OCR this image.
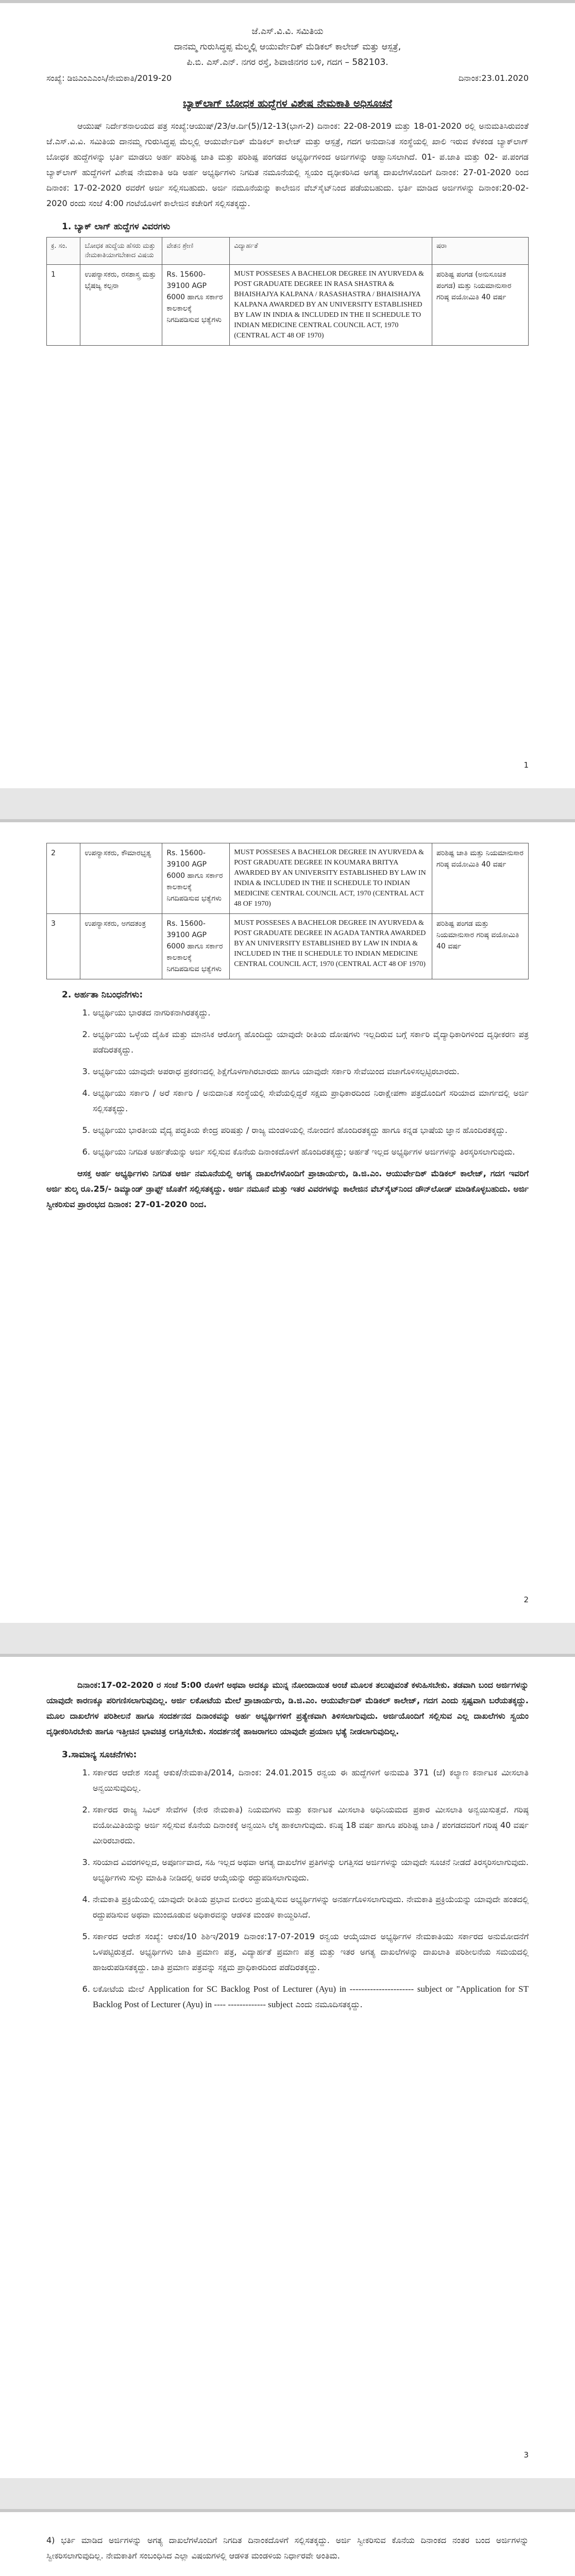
ಜೆ.ಎಸ್.ವಿ.ವಿ. ಸಮಿತಿಯ
ದಾನಮ್ಮ ಗುರುಸಿದ್ಧಪ್ಪ ಮೆಲ್ಮಲ್ಲಿ ಆಯುರ್ವೇದಿಕ್ ಮೆಡಿಕಲ್ ಕಾಲೇಜ್ ಮತ್ತು ಆಸ್ಪತ್ರೆ,
ಪಿ.ಬಿ. ಎಸ್.ಎನ್. ನಗರ ರಸ್ತೆ, ಶಿವಾಜಿನಗರ ಬಳಿ, ಗದಗ – 582103.
ಸಂಖ್ಯೆ: ಡಿಜಿಎಂಎಎಂಸಿ/ನೇಮಕಾತಿ/2019-20	ದಿನಾಂಕ:23.01.2020
ಬ್ಯಾಕ್‌ಲಾಗ್ ಬೋಧಕ ಹುದ್ದೆಗಳ ವಿಶೇಷ ನೇಮಕಾತಿ ಅಧಿಸೂಚನೆ

ಆಯುಷ್ ನಿರ್ದೇಶನಾಲಯದ ಪತ್ರ ಸಂಖ್ಯೆ:ಆಯುಷ್/23/ಆ.ರ್ದಿ(5)/12-13(ಭಾಗ-2) ದಿನಾಂಕ: 22-08-2019 ಮತ್ತು 18-01-2020 ರಲ್ಲಿ ಅನುಮತಿಸಿರುವಂತೆ ಜೆ.ಎಸ್.ವಿ.ವಿ. ಸಮಿತಿಯ ದಾನಮ್ಮ ಗುರುಸಿದ್ಧಪ್ಪ ಮೆಲ್ಮಲ್ಲಿ ಆಯುರ್ವೇದಿಕ್ ಮೆಡಿಕಲ್ ಕಾಲೇಜ್ ಮತ್ತು ಆಸ್ಪತ್ರೆ, ಗದಗ ಅನುದಾನಿತ ಸಂಸ್ಥೆಯಲ್ಲಿ ಖಾಲಿ ಇರುವ ಕೆಳಕಂಡ ಬ್ಯಾಕ್‌ಲಾಗ್ ಬೋಧಕ ಹುದ್ದೆಗಳನ್ನು ಭರ್ತಿ ಮಾಡಲು ಅರ್ಹ ಪರಿಶಿಷ್ಟ ಜಾತಿ ಮತ್ತು ಪರಿಶಿಷ್ಟ ಪಂಗಡದ ಅಭ್ಯರ್ಥಿಗಳಿಂದ ಅರ್ಜಿಗಳನ್ನು ಆಹ್ವಾನಿಸಲಾಗಿದೆ. 01- ಪ.ಜಾತಿ ಮತ್ತು 02- ಪ.ಪಂಗಡ ಬ್ಯಾಕ್‌ಲಾಗ್ ಹುದ್ದೆಗಳಿಗೆ ವಿಶೇಷ ನೇಮಕಾತಿ ಅಡಿ ಅರ್ಹ ಅಭ್ಯರ್ಥಿಗಳು ನಿಗದಿತ ನಮೂನೆಯಲ್ಲಿ ಸ್ವಯಂ ದೃಢೀಕರಿಸಿದ ಅಗತ್ಯ ದಾಖಲೆಗಳೊಂದಿಗೆ ದಿನಾಂಕ: 27-01-2020 ರಿಂದ ದಿನಾಂಕ: 17-02-2020 ರವರೆಗೆ ಅರ್ಜಿ ಸಲ್ಲಿಸಬಹುದು. ಅರ್ಜಿ ನಮೂನೆಯನ್ನು ಕಾಲೇಜಿನ ವೆಬ್‌ಸೈಟ್‌ನಿಂದ ಪಡೆಯಬಹುದು. ಭರ್ತಿ ಮಾಡಿದ ಅರ್ಜಿಗಳನ್ನು ದಿನಾಂಕ:20-02-2020 ರಂದು ಸಂಜೆ 4:00 ಗಂಟೆಯೊಳಗೆ ಕಾಲೇಜಿನ ಕಚೇರಿಗೆ ಸಲ್ಲಿಸತಕ್ಕದ್ದು.

1. ಬ್ಯಾಕ್ ಲಾಗ್ ಹುದ್ದೆಗಳ ವಿವರಗಳು
ಕ್ರ. ಸಂ.	ಬೋಧಕ ಹುದ್ದೆಯ ಹೆಸರು ಮತ್ತು ನೇಮಕಾತಿಯಾಗಬೇಕಾದ ವಿಷಯ	ವೇತನ ಶ್ರೇಣಿ	ವಿದ್ಯಾರ್ಹತೆ	ಷರಾ
1	ಉಪನ್ಯಾಸಕರು, ರಸಶಾಸ್ತ್ರ ಮತ್ತು ಭೈಷಜ್ಯ ಕಲ್ಪನಾ	Rs. 15600-39100 AGP 6000 ಹಾಗೂ ಸರ್ಕಾರ ಕಾಲಕಾಲಕ್ಕೆ ನಿಗದಿಪಡಿಸುವ ಭತ್ಯೆಗಳು	MUST POSSESES A BACHELOR DEGREE IN AYURVEDA & POST GRADUATE DEGREE IN RASA SHASTRA & BHAISHAJYA KALPANA / RASASHASTRA / BHAISHAJYA KALPANA AWARDED BY AN UNIVERSITY ESTABLISHED BY LAW IN INDIA & INCLUDED IN THE II SCHEDULE TO INDIAN MEDICINE CENTRAL COUNCIL ACT, 1970 (CENTRAL ACT 48 OF 1970)	ಪರಿಶಿಷ್ಟ ಪಂಗಡ (ಅನುಸೂಚಿತ ಪಂಗಡ) ಮತ್ತು ನಿಯಮಾನುಸಾರ ಗರಿಷ್ಠ ವಯೋಮಿತಿ 40 ವರ್ಷ
1
2	ಉಪನ್ಯಾಸಕರು, ಕೌಮಾರಭೃತ್ಯ	Rs. 15600-39100 AGP 6000 ಹಾಗೂ ಸರ್ಕಾರ ಕಾಲಕಾಲಕ್ಕೆ ನಿಗದಿಪಡಿಸುವ ಭತ್ಯೆಗಳು	MUST POSSESES A BACHELOR DEGREE IN AYURVEDA & POST GRADUATE DEGREE IN KOUMARA BRITYA AWARDED BY AN UNIVERSITY ESTABLISHED BY LAW IN INDIA & INCLUDED IN THE II SCHEDULE TO INDIAN MEDICINE CENTRAL COUNCIL ACT, 1970 (CENTRAL ACT 48 OF 1970)	ಪರಿಶಿಷ್ಟ ಜಾತಿ ಮತ್ತು ನಿಯಮಾನುಸಾರ ಗರಿಷ್ಠ ವಯೋಮಿತಿ 40 ವರ್ಷ
3	ಉಪನ್ಯಾಸಕರು, ಅಗದತಂತ್ರ	Rs. 15600-39100 AGP 6000 ಹಾಗೂ ಸರ್ಕಾರ ಕಾಲಕಾಲಕ್ಕೆ ನಿಗದಿಪಡಿಸುವ ಭತ್ಯೆಗಳು	MUST POSSESES A BACHELOR DEGREE IN AYURVEDA & POST GRADUATE DEGREE IN AGADA TANTRA AWARDED BY AN UNIVERSITY ESTABLISHED BY LAW IN INDIA & INCLUDED IN THE II SCHEDULE TO INDIAN MEDICINE CENTRAL COUNCIL ACT, 1970 (CENTRAL ACT 48 OF 1970)	ಪರಿಶಿಷ್ಟ ಪಂಗಡ ಮತ್ತು ನಿಯಮಾನುಸಾರ ಗರಿಷ್ಠ ವಯೋಮಿತಿ 40 ವರ್ಷ
2. ಅರ್ಹತಾ ನಿಬಂಧನೆಗಳು:
1. ಅಭ್ಯರ್ಥಿಯು ಭಾರತದ ನಾಗರಿಕನಾಗಿರತಕ್ಕದ್ದು.
2. ಅಭ್ಯರ್ಥಿಯು ಒಳ್ಳೆಯ ದೈಹಿಕ ಮತ್ತು ಮಾನಸಿಕ ಆರೋಗ್ಯ ಹೊಂದಿದ್ದು ಯಾವುದೇ ರೀತಿಯ ದೋಷಗಳು ಇಲ್ಲದಿರುವ ಬಗ್ಗೆ ಸರ್ಕಾರಿ ವೈದ್ಯಾಧಿಕಾರಿಗಳಿಂದ ದೃಢೀಕರಣ ಪತ್ರ ಪಡೆದಿರತಕ್ಕದ್ದು.
3. ಅಭ್ಯರ್ಥಿಯು ಯಾವುದೇ ಅಪರಾಧ ಪ್ರಕರಣದಲ್ಲಿ ಶಿಕ್ಷೆಗೊಳಗಾಗಿರಬಾರದು ಹಾಗೂ ಯಾವುದೇ ಸರ್ಕಾರಿ ಸೇವೆಯಿಂದ ವಜಾಗೊಳಿಸಲ್ಪಟ್ಟಿರಬಾರದು.
4. ಅಭ್ಯರ್ಥಿಯು ಸರ್ಕಾರಿ / ಅರೆ ಸರ್ಕಾರಿ / ಅನುದಾನಿತ ಸಂಸ್ಥೆಯಲ್ಲಿ ಸೇವೆಯಲ್ಲಿದ್ದರೆ ಸಕ್ಷಮ ಪ್ರಾಧಿಕಾರದಿಂದ ನಿರಾಕ್ಷೇಪಣಾ ಪತ್ರದೊಂದಿಗೆ ಸರಿಯಾದ ಮಾರ್ಗದಲ್ಲಿ ಅರ್ಜಿ ಸಲ್ಲಿಸತಕ್ಕದ್ದು.
5. ಅಭ್ಯರ್ಥಿಯು ಭಾರತೀಯ ವೈದ್ಯ ಪದ್ಧತಿಯ ಕೇಂದ್ರ ಪರಿಷತ್ತು / ರಾಜ್ಯ ಮಂಡಳಿಯಲ್ಲಿ ನೋಂದಣಿ ಹೊಂದಿರತಕ್ಕದ್ದು ಹಾಗೂ ಕನ್ನಡ ಭಾಷೆಯ ಜ್ಞಾನ ಹೊಂದಿರತಕ್ಕದ್ದು.
6. ಅಭ್ಯರ್ಥಿಯು ನಿಗದಿತ ಅರ್ಹತೆಯನ್ನು ಅರ್ಜಿ ಸಲ್ಲಿಸುವ ಕೊನೆಯ ದಿನಾಂಕದೊಳಗೆ ಹೊಂದಿರತಕ್ಕದ್ದು; ಅರ್ಹತೆ ಇಲ್ಲದ ಅಭ್ಯರ್ಥಿಗಳ ಅರ್ಜಿಗಳನ್ನು ತಿರಸ್ಕರಿಸಲಾಗುವುದು.

ಆಸಕ್ತ ಅರ್ಹ ಅಭ್ಯರ್ಥಿಗಳು ನಿಗದಿತ ಅರ್ಜಿ ನಮೂನೆಯಲ್ಲಿ ಅಗತ್ಯ ದಾಖಲೆಗಳೊಂದಿಗೆ ಪ್ರಾಚಾರ್ಯರು, ಡಿ.ಜಿ.ಎಂ. ಆಯುರ್ವೇದಿಕ್ ಮೆಡಿಕಲ್ ಕಾಲೇಜ್, ಗದಗ ಇವರಿಗೆ ಅರ್ಜಿ ಶುಲ್ಕ ರೂ.25/- ಡಿಮ್ಯಾಂಡ್ ಡ್ರಾಫ್ಟ್ ಜೊತೆಗೆ ಸಲ್ಲಿಸತಕ್ಕದ್ದು. ಅರ್ಜಿ ನಮೂನೆ ಮತ್ತು ಇತರ ವಿವರಗಳನ್ನು ಕಾಲೇಜಿನ ವೆಬ್‌ಸೈಟ್‌ನಿಂದ ಡೌನ್‌ಲೋಡ್ ಮಾಡಿಕೊಳ್ಳಬಹುದು. ಅರ್ಜಿ ಸ್ವೀಕರಿಸುವ ಪ್ರಾರಂಭದ ದಿನಾಂಕ: 27-01-2020 ರಿಂದ.

2

ದಿನಾಂಕ:17-02-2020 ರ ಸಂಜೆ 5:00 ರೊಳಗೆ ಅಥವಾ ಅದಕ್ಕೂ ಮುನ್ನ ನೋಂದಾಯಿತ ಅಂಚೆ ಮೂಲಕ ತಲುಪುವಂತೆ ಕಳುಹಿಸಬೇಕು. ತಡವಾಗಿ ಬಂದ ಅರ್ಜಿಗಳನ್ನು ಯಾವುದೇ ಕಾರಣಕ್ಕೂ ಪರಿಗಣಿಸಲಾಗುವುದಿಲ್ಲ. ಅರ್ಜಿ ಲಕೋಟೆಯ ಮೇಲೆ ಪ್ರಾಚಾರ್ಯರು, ಡಿ.ಜಿ.ಎಂ. ಆಯುರ್ವೇದಿಕ್ ಮೆಡಿಕಲ್ ಕಾಲೇಜ್, ಗದಗ ಎಂದು ಸ್ಪಷ್ಟವಾಗಿ ಬರೆಯತಕ್ಕದ್ದು. ಮೂಲ ದಾಖಲೆಗಳ ಪರಿಶೀಲನೆ ಹಾಗೂ ಸಂದರ್ಶನದ ದಿನಾಂಕವನ್ನು ಅರ್ಹ ಅಭ್ಯರ್ಥಿಗಳಿಗೆ ಪ್ರತ್ಯೇಕವಾಗಿ ತಿಳಿಸಲಾಗುವುದು. ಅರ್ಜಿಯೊಂದಿಗೆ ಸಲ್ಲಿಸುವ ಎಲ್ಲ ದಾಖಲೆಗಳು ಸ್ವಯಂ ದೃಢೀಕರಿಸಿರಬೇಕು ಹಾಗೂ ಇತ್ತೀಚಿನ ಭಾವಚಿತ್ರ ಲಗತ್ತಿಸಬೇಕು. ಸಂದರ್ಶನಕ್ಕೆ ಹಾಜರಾಗಲು ಯಾವುದೇ ಪ್ರಯಾಣ ಭತ್ಯೆ ನೀಡಲಾಗುವುದಿಲ್ಲ.

3.ಸಾಮಾನ್ಯ ಸೂಚನೆಗಳು:
1. ಸರ್ಕಾರದ ಆದೇಶ ಸಂಖ್ಯೆ ಆಕುಕ/ನೇಮಕಾತಿ/2014, ದಿನಾಂಕ: 24.01.2015 ರನ್ವಯ ಈ ಹುದ್ದೆಗಳಿಗೆ ಅನುಮತಿ 371 (ಜೆ) ಕಲ್ಯಾಣ ಕರ್ನಾಟಕ ಮೀಸಲಾತಿ ಅನ್ವಯಿಸುವುದಿಲ್ಲ.
2. ಸರ್ಕಾರದ ರಾಜ್ಯ ಸಿವಿಲ್ ಸೇವೆಗಳ (ನೇರ ನೇಮಕಾತಿ) ನಿಯಮಗಳು ಮತ್ತು ಕರ್ನಾಟಕ ಮೀಸಲಾತಿ ಅಧಿನಿಯಮದ ಪ್ರಕಾರ ಮೀಸಲಾತಿ ಅನ್ವಯಿಸುತ್ತದೆ. ಗರಿಷ್ಠ ವಯೋಮಿತಿಯನ್ನು ಅರ್ಜಿ ಸಲ್ಲಿಸುವ ಕೊನೆಯ ದಿನಾಂಕಕ್ಕೆ ಅನ್ವಯಿಸಿ ಲೆಕ್ಕ ಹಾಕಲಾಗುವುದು. ಕನಿಷ್ಠ 18 ವರ್ಷ ಹಾಗೂ ಪರಿಶಿಷ್ಟ ಜಾತಿ / ಪಂಗಡದವರಿಗೆ ಗರಿಷ್ಠ 40 ವರ್ಷ ಮೀರಿರಬಾರದು.
3. ಸರಿಯಾದ ವಿವರಗಳಿಲ್ಲದ, ಅಪೂರ್ಣವಾದ, ಸಹಿ ಇಲ್ಲದ ಅಥವಾ ಅಗತ್ಯ ದಾಖಲೆಗಳ ಪ್ರತಿಗಳನ್ನು ಲಗತ್ತಿಸದ ಅರ್ಜಿಗಳನ್ನು ಯಾವುದೇ ಸೂಚನೆ ನೀಡದೆ ತಿರಸ್ಕರಿಸಲಾಗುವುದು. ಅಭ್ಯರ್ಥಿಗಳು ಸುಳ್ಳು ಮಾಹಿತಿ ನೀಡಿದಲ್ಲಿ ಅವರ ಆಯ್ಕೆಯನ್ನು ರದ್ದುಪಡಿಸಲಾಗುವುದು.
4. ನೇಮಕಾತಿ ಪ್ರಕ್ರಿಯೆಯಲ್ಲಿ ಯಾವುದೇ ರೀತಿಯ ಪ್ರಭಾವ ಬೀರಲು ಪ್ರಯತ್ನಿಸುವ ಅಭ್ಯರ್ಥಿಗಳನ್ನು ಅನರ್ಹಗೊಳಿಸಲಾಗುವುದು. ನೇಮಕಾತಿ ಪ್ರಕ್ರಿಯೆಯನ್ನು ಯಾವುದೇ ಹಂತದಲ್ಲಿ ರದ್ದುಪಡಿಸುವ ಅಥವಾ ಮುಂದೂಡುವ ಅಧಿಕಾರವನ್ನು ಆಡಳಿತ ಮಂಡಳಿ ಕಾಯ್ದಿರಿಸಿದೆ.
5. ಸರ್ಕಾರದ ಆದೇಶ ಸಂಖ್ಯೆ: ಆಕುಕ/10 ಶಿಶಿಇ/2019 ದಿನಾಂಕ:17-07-2019 ರನ್ವಯ ಆಯ್ಕೆಯಾದ ಅಭ್ಯರ್ಥಿಗಳ ನೇಮಕಾತಿಯು ಸರ್ಕಾರದ ಅನುಮೋದನೆಗೆ ಒಳಪಟ್ಟಿರುತ್ತದೆ. ಅಭ್ಯರ್ಥಿಗಳು ಜಾತಿ ಪ್ರಮಾಣ ಪತ್ರ, ವಿದ್ಯಾರ್ಹತೆ ಪ್ರಮಾಣ ಪತ್ರ ಮತ್ತು ಇತರ ಅಗತ್ಯ ದಾಖಲೆಗಳನ್ನು ದಾಖಲಾತಿ ಪರಿಶೀಲನೆಯ ಸಮಯದಲ್ಲಿ ಹಾಜರುಪಡಿಸತಕ್ಕದ್ದು. ಜಾತಿ ಪ್ರಮಾಣ ಪತ್ರವನ್ನು ಸಕ್ಷಮ ಪ್ರಾಧಿಕಾರದಿಂದ ಪಡೆದಿರತಕ್ಕದ್ದು.
6. ಲಕೋಟೆಯ ಮೇಲೆ Application for SC Backlog Post of Lecturer (Ayu) in ---------------------- subject or "Application for ST Backlog Post of Lecturer (Ayu) in ---- ------------- subject ಎಂದು ನಮೂದಿಸತಕ್ಕದ್ದು.
3

4) ಭರ್ತಿ ಮಾಡಿದ ಅರ್ಜಿಗಳನ್ನು ಅಗತ್ಯ ದಾಖಲೆಗಳೊಂದಿಗೆ ನಿಗದಿತ ದಿನಾಂಕದೊಳಗೆ ಸಲ್ಲಿಸತಕ್ಕದ್ದು. ಅರ್ಜಿ ಸ್ವೀಕರಿಸುವ ಕೊನೆಯ ದಿನಾಂಕದ ನಂತರ ಬಂದ ಅರ್ಜಿಗಳನ್ನು ಸ್ವೀಕರಿಸಲಾಗುವುದಿಲ್ಲ. ನೇಮಕಾತಿಗೆ ಸಂಬಂಧಿಸಿದ ಎಲ್ಲಾ ವಿಷಯಗಳಲ್ಲಿ ಆಡಳಿತ ಮಂಡಳಿಯ ನಿರ್ಧಾರವೇ ಅಂತಿಮ.
